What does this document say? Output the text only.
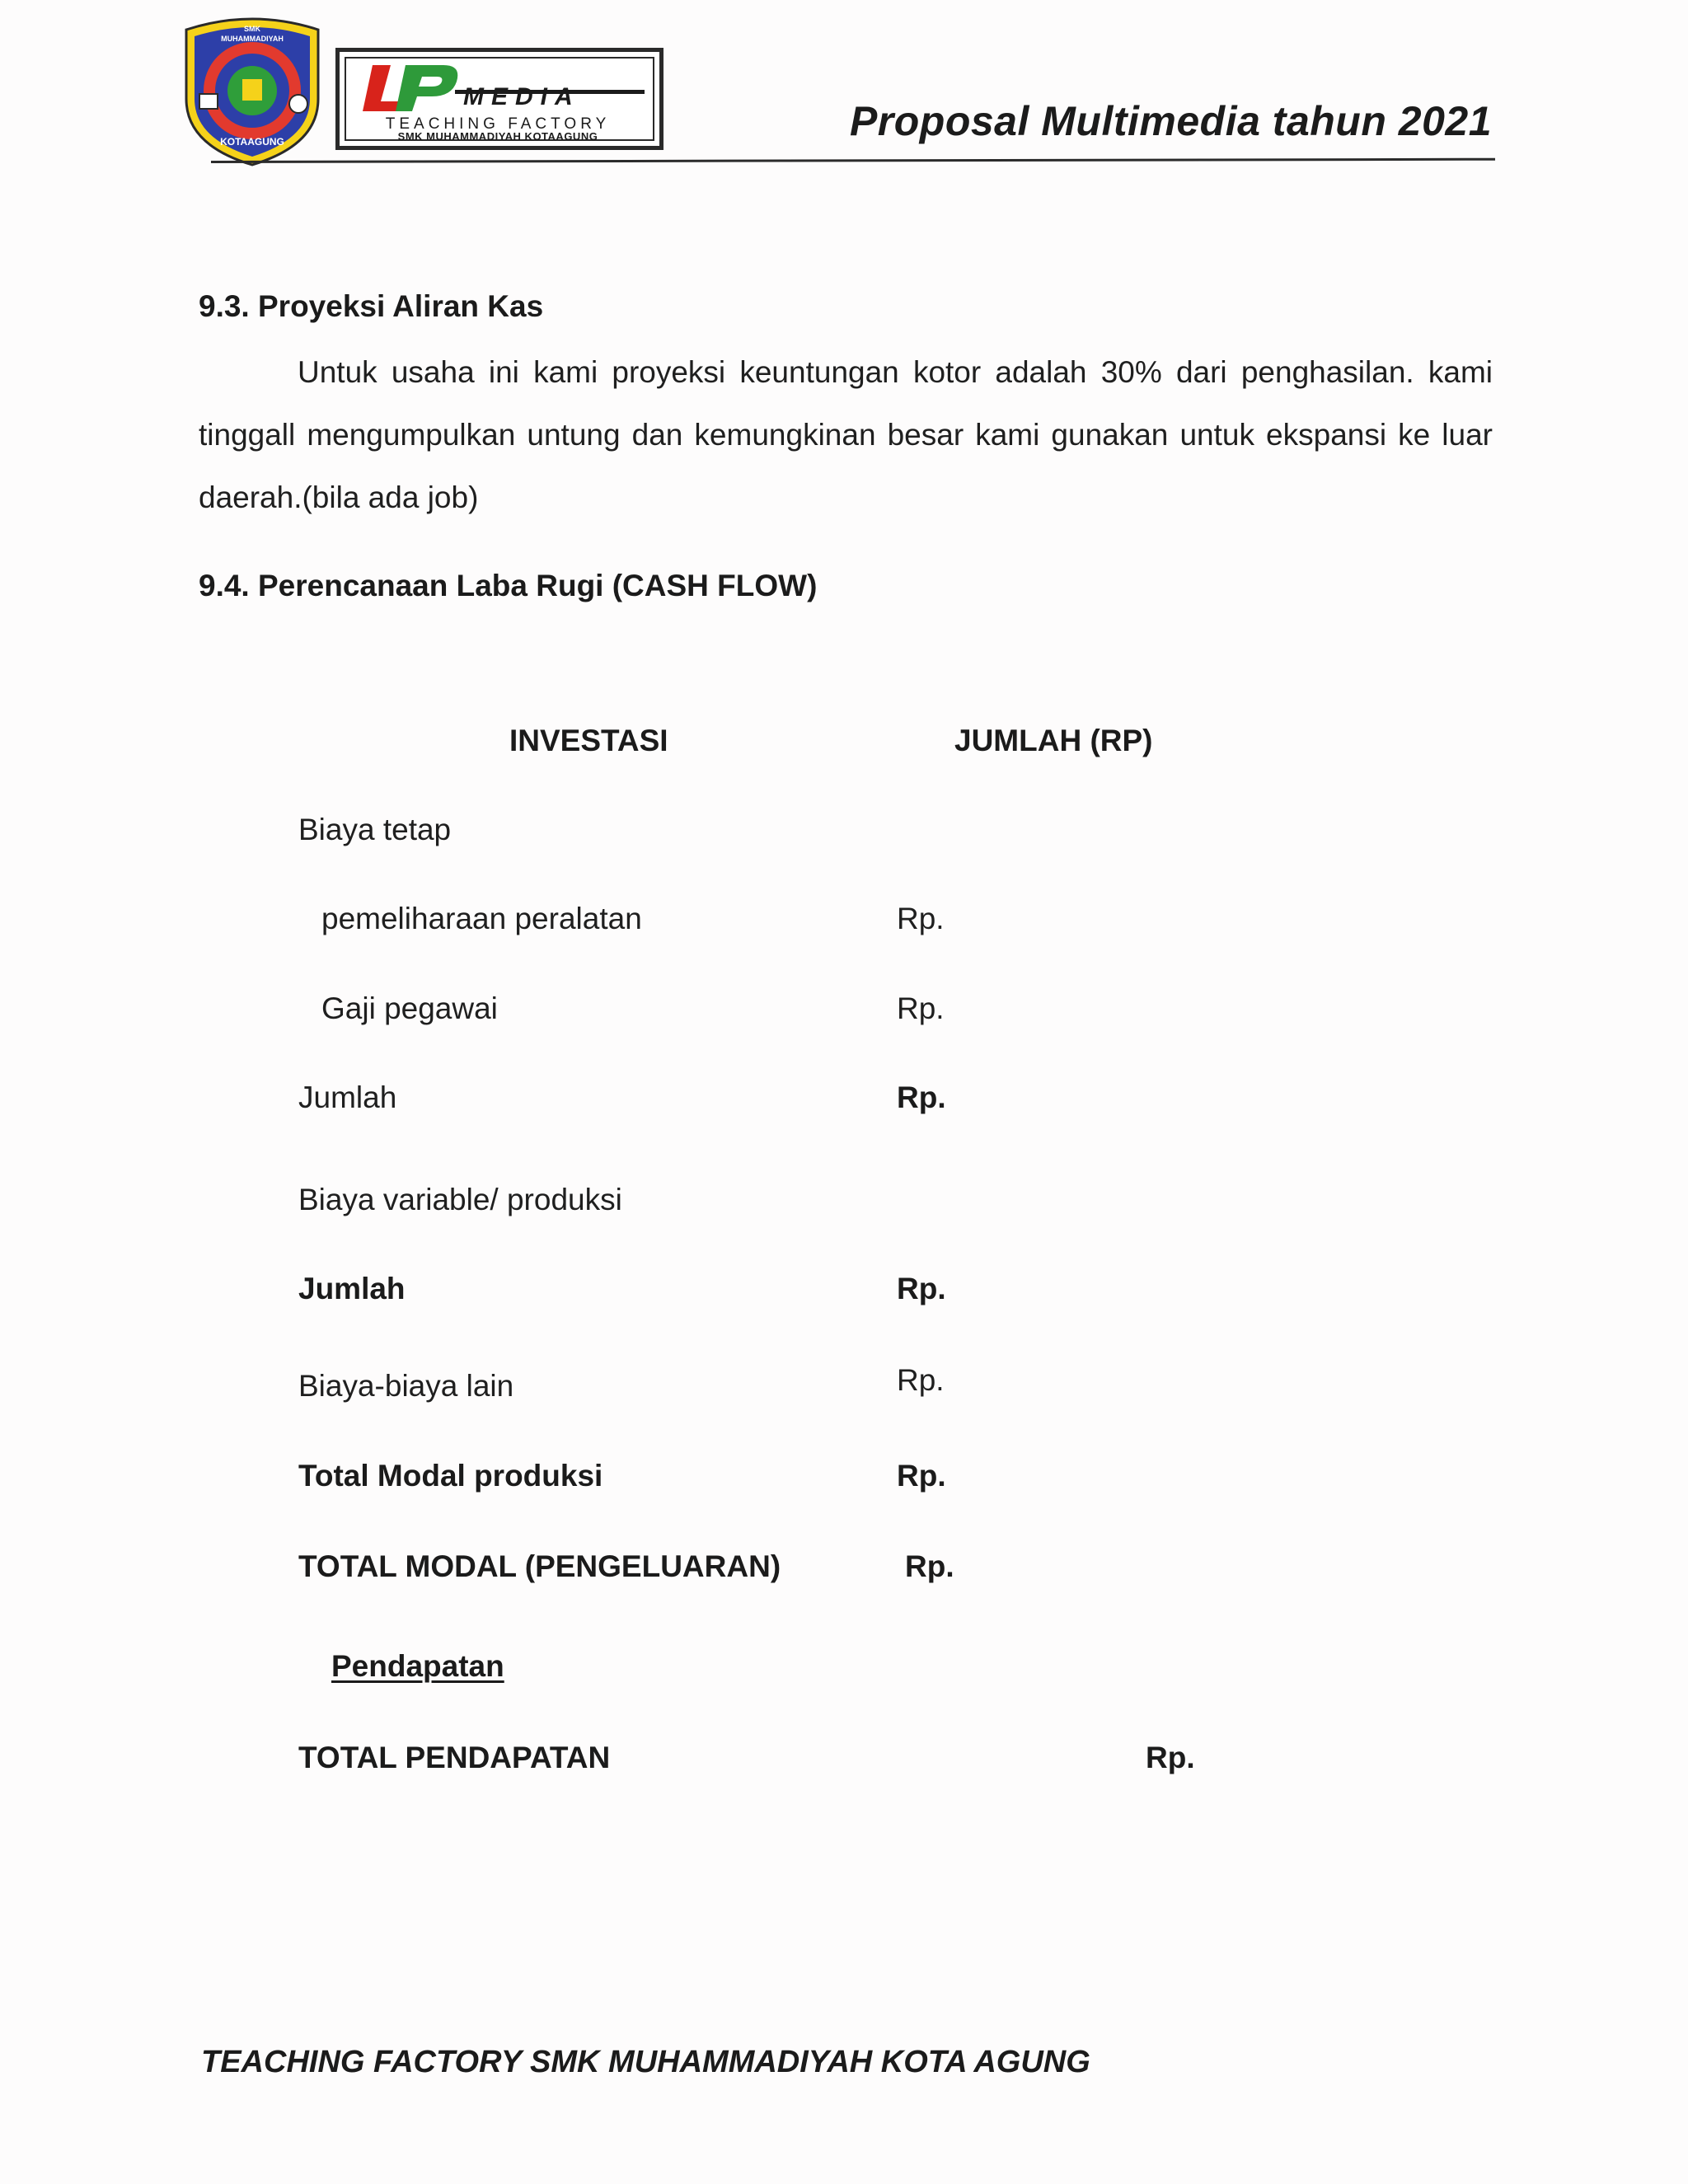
SMK
MUHAMMADIYAH
KOTAAGUNG
MEDIA
TEACHING FACTORY
SMK MUHAMMADIYAH KOTAAGUNG	Proposal Multimedia tahun 2021
9.3. Proyeksi Aliran Kas
Untuk usaha ini kami proyeksi keuntungan kotor adalah 30% dari penghasilan. kami tinggall mengumpulkan untung dan kemungkinan besar kami gunakan untuk ekspansi ke luar daerah.(bila ada job)
9.4. Perencanaan Laba Rugi (CASH FLOW)
INVESTASI	JUMLAH (RP)
Biaya tetap
pemeliharaan peralatan	Rp.
Gaji pegawai	Rp.
Jumlah	Rp.
Biaya variable/ produksi
Jumlah	Rp.
Biaya-biaya lain	Rp.
Total Modal produksi	Rp.
TOTAL MODAL (PENGELUARAN)	Rp.
Pendapatan
TOTAL PENDAPATAN	Rp.
TEACHING FACTORY SMK MUHAMMADIYAH KOTA AGUNG
